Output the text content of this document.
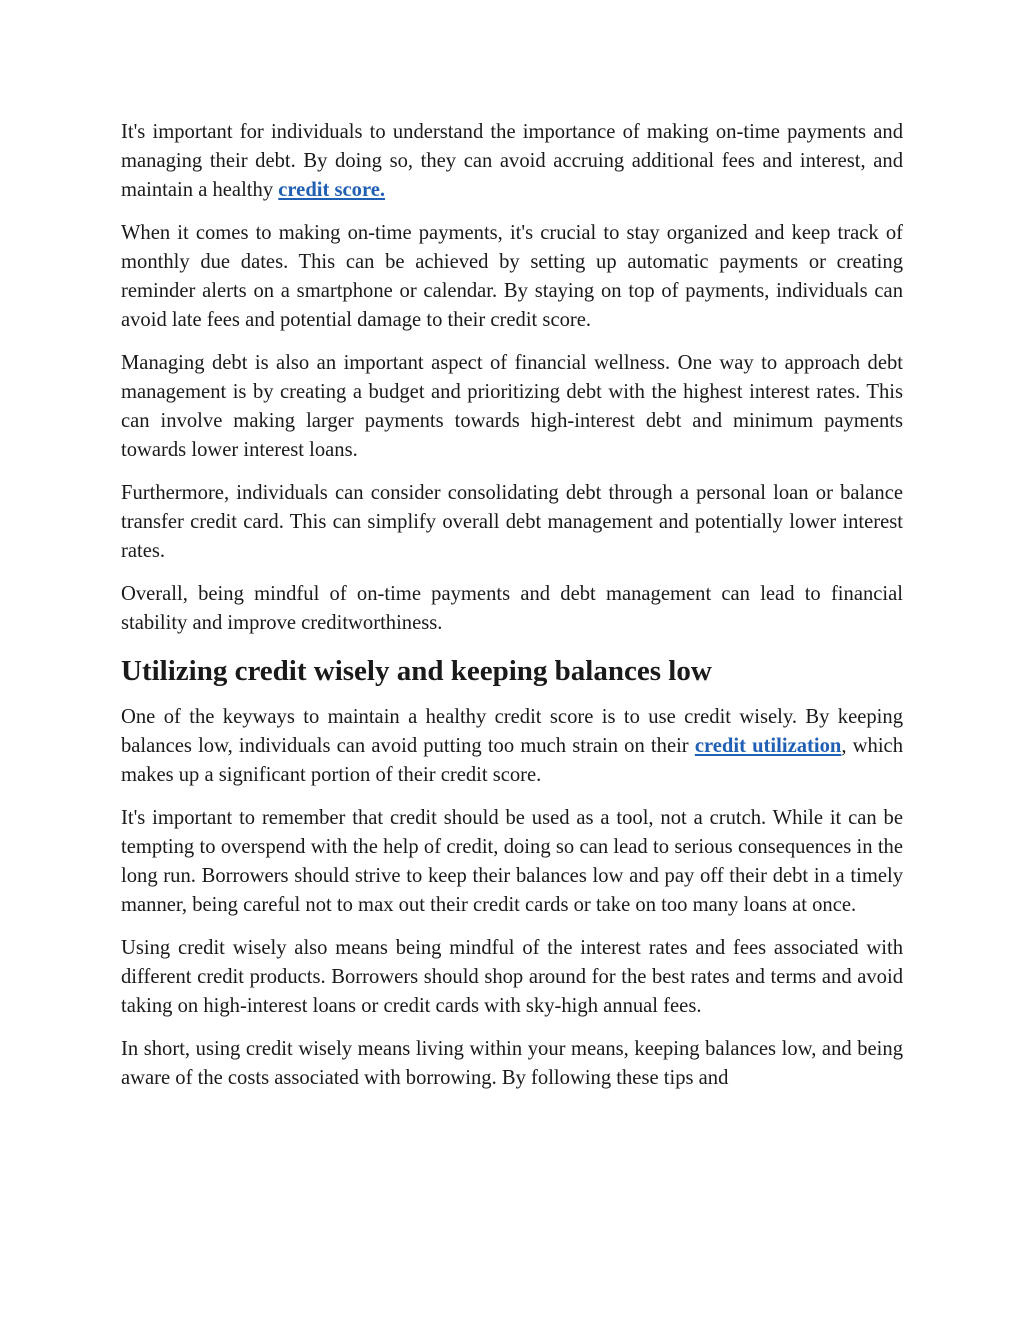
It's important for individuals to understand the importance of making on-time payments and managing their debt. By doing so, they can avoid accruing additional fees and interest, and maintain a healthy credit score.

When it comes to making on-time payments, it's crucial to stay organized and keep track of monthly due dates. This can be achieved by setting up automatic payments or creating reminder alerts on a smartphone or calendar. By staying on top of payments, individuals can avoid late fees and potential damage to their credit score.

Managing debt is also an important aspect of financial wellness. One way to approach debt management is by creating a budget and prioritizing debt with the highest interest rates. This can involve making larger payments towards high-interest debt and minimum payments towards lower interest loans.

Furthermore, individuals can consider consolidating debt through a personal loan or balance transfer credit card. This can simplify overall debt management and potentially lower interest rates.

Overall, being mindful of on-time payments and debt management can lead to financial stability and improve creditworthiness.

Utilizing credit wisely and keeping balances low

One of the keyways to maintain a healthy credit score is to use credit wisely. By keeping balances low, individuals can avoid putting too much strain on their credit utilization, which makes up a significant portion of their credit score.

It's important to remember that credit should be used as a tool, not a crutch. While it can be tempting to overspend with the help of credit, doing so can lead to serious consequences in the long run. Borrowers should strive to keep their balances low and pay off their debt in a timely manner, being careful not to max out their credit cards or take on too many loans at once.

Using credit wisely also means being mindful of the interest rates and fees associated with different credit products. Borrowers should shop around for the best rates and terms and avoid taking on high-interest loans or credit cards with sky-high annual fees.

In short, using credit wisely means living within your means, keeping balances low, and being aware of the costs associated with borrowing. By following these tips and
